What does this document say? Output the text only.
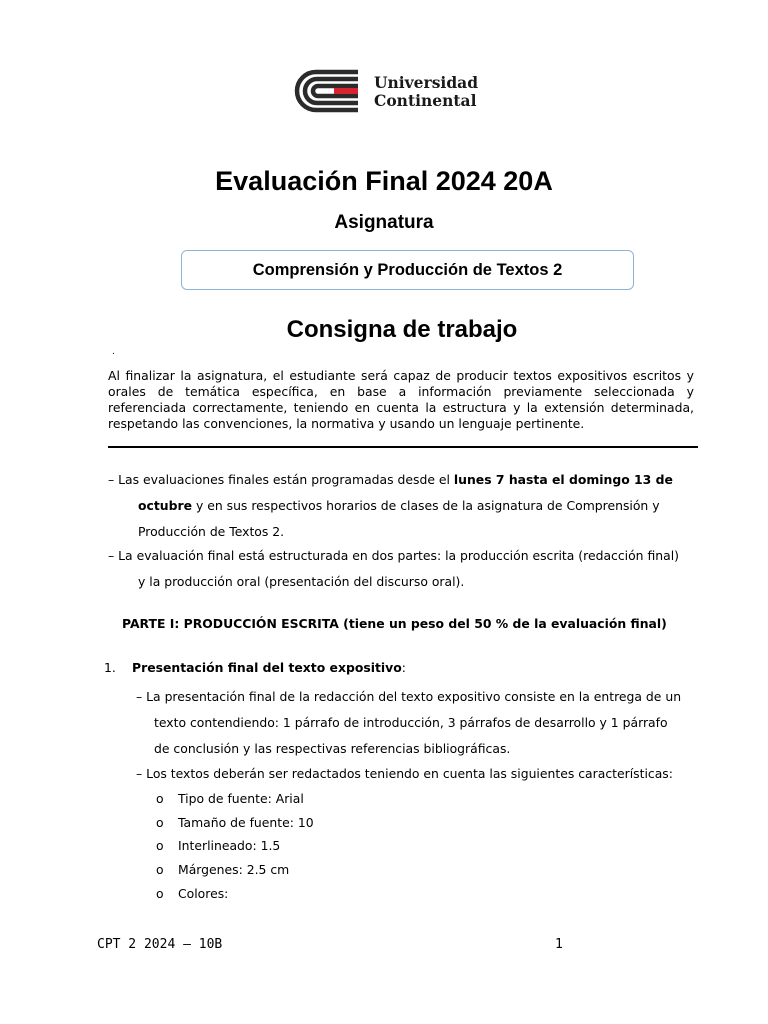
Universidad
Continental
Evaluación Final 2024 20A
Asignatura
Comprensión y Producción de Textos 2
Consigna de trabajo
.
Al finalizar la asignatura, el estudiante será capaz de producir textos expositivos escritos y orales de temática específica, en base a información previamente seleccionada y referenciada correctamente, teniendo en cuenta la estructura y la extensión determinada, respetando las convenciones, la normativa y usando un lenguaje pertinente.
– Las evaluaciones finales están programadas desde el lunes 7 hasta el domingo 13 de
octubre y en sus respectivos horarios de clases de la asignatura de Comprensión y
Producción de Textos 2.
– La evaluación final está estructurada en dos partes: la producción escrita (redacción final)
y la producción oral (presentación del discurso oral).
PARTE I: PRODUCCIÓN ESCRITA (tiene un peso del 50 % de la evaluación final)
1. Presentación final del texto expositivo:
– La presentación final de la redacción del texto expositivo consiste en la entrega de un
texto contendiendo: 1 párrafo de introducción, 3 párrafos de desarrollo y 1 párrafo
de conclusión y las respectivas referencias bibliográficas.
– Los textos deberán ser redactados teniendo en cuenta las siguientes características:
o Tipo de fuente: Arial
o Tamaño de fuente: 10
o Interlineado: 1.5
o Márgenes: 2.5 cm
o Colores:
CPT 2 2024 – 10B	1
